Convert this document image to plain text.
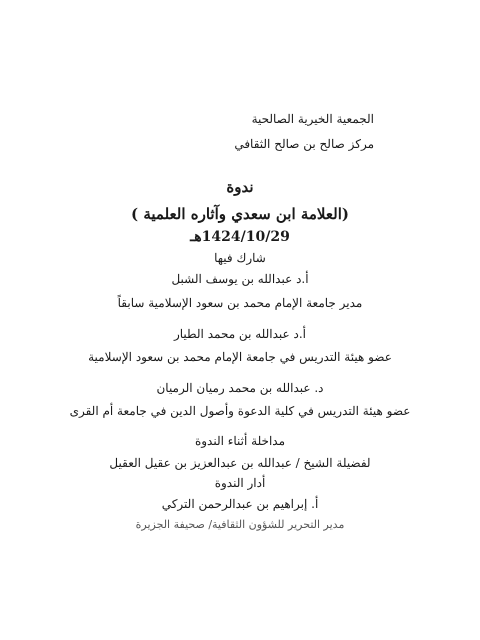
الجمعية الخيرية الصالحية
مركز صالح بن صالح الثقافي
ندوة
(العلامة ابن سعدي وآثاره العلمية )
1424/10/29هـ
شارك فيها
أ.د عبدالله بن يوسف الشبل
مدير جامعة الإمام محمد بن سعود الإسلامية سابقاً
أ.د عبدالله بن محمد الطيار
عضو هيئة التدريس في جامعة الإمام محمد بن سعود الإسلامية
د. عبدالله بن محمد رميان الرميان
عضو هيئة التدريس في كلية الدعوة وأصول الدين في جامعة أم القرى
مداخلة أثناء الندوة
لفضيلة الشيخ / عبدالله بن عبدالعزيز بن عقيل العقيل
أدار الندوة
أ. إبراهيم بن عبدالرحمن التركي
مدير التحرير للشؤون الثقافية/ صحيفة الجزيرة
